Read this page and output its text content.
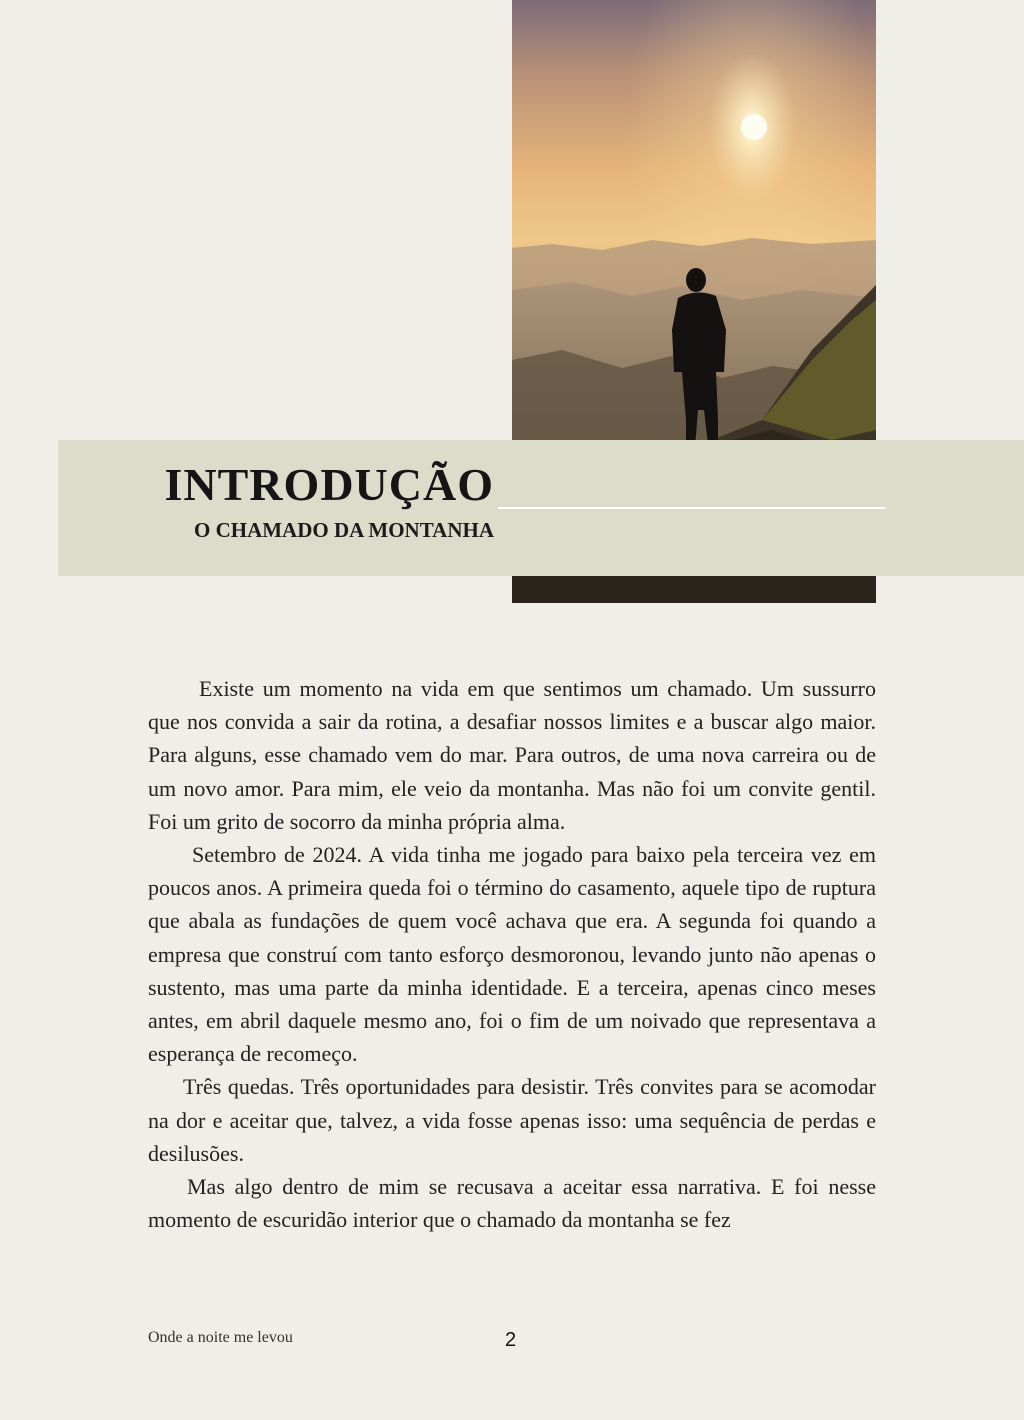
INTRODUÇÃO
O CHAMADO DA MONTANHA

Existe um momento na vida em que sentimos um chamado. Um sussurro que nos convida a sair da rotina, a desafiar nossos limites e a buscar algo maior. Para alguns, esse chamado vem do mar. Para outros, de uma nova carreira ou de um novo amor. Para mim, ele veio da montanha. Mas não foi um convite gentil. Foi um grito de socorro da minha própria alma.

Setembro de 2024. A vida tinha me jogado para baixo pela terceira vez em poucos anos. A primeira queda foi o término do casamento, aquele tipo de ruptura que abala as fundações de quem você achava que era. A segunda foi quando a empresa que construí com tanto esforço desmoronou, levando junto não apenas o sustento, mas uma parte da minha identidade. E a terceira, apenas cinco meses antes, em abril daquele mesmo ano, foi o fim de um noivado que representava a esperança de recomeço.

Três quedas. Três oportunidades para desistir. Três convites para se acomodar na dor e aceitar que, talvez, a vida fosse apenas isso: uma sequência de perdas e desilusões.

Mas algo dentro de mim se recusava a aceitar essa narrativa. E foi nesse momento de escuridão interior que o chamado da montanha se fez

Onde a noite me levou	2
